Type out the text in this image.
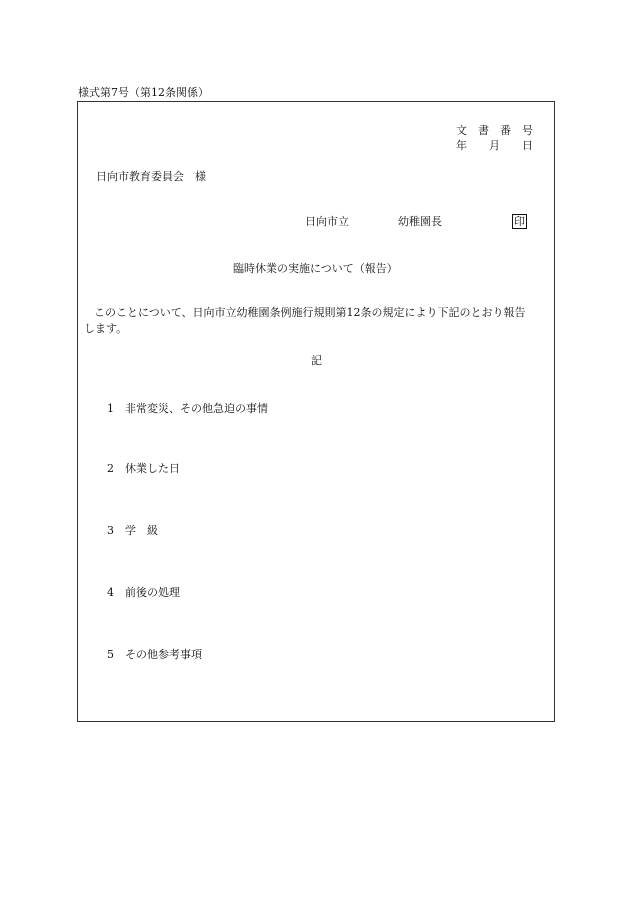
様式第7号（第12条関係）
文　書　番　号
年　　月　　日
日向市教育委員会　様
日向市立	幼稚園長	印
臨時休業の実施について（報告）
このことについて、日向市立幼稚園条例施行規則第12条の規定により下記のとおり報告
します。
記
1　非常変災、その他急迫の事情
2　休業した日
3　学　級
4　前後の処理
5　その他参考事項
